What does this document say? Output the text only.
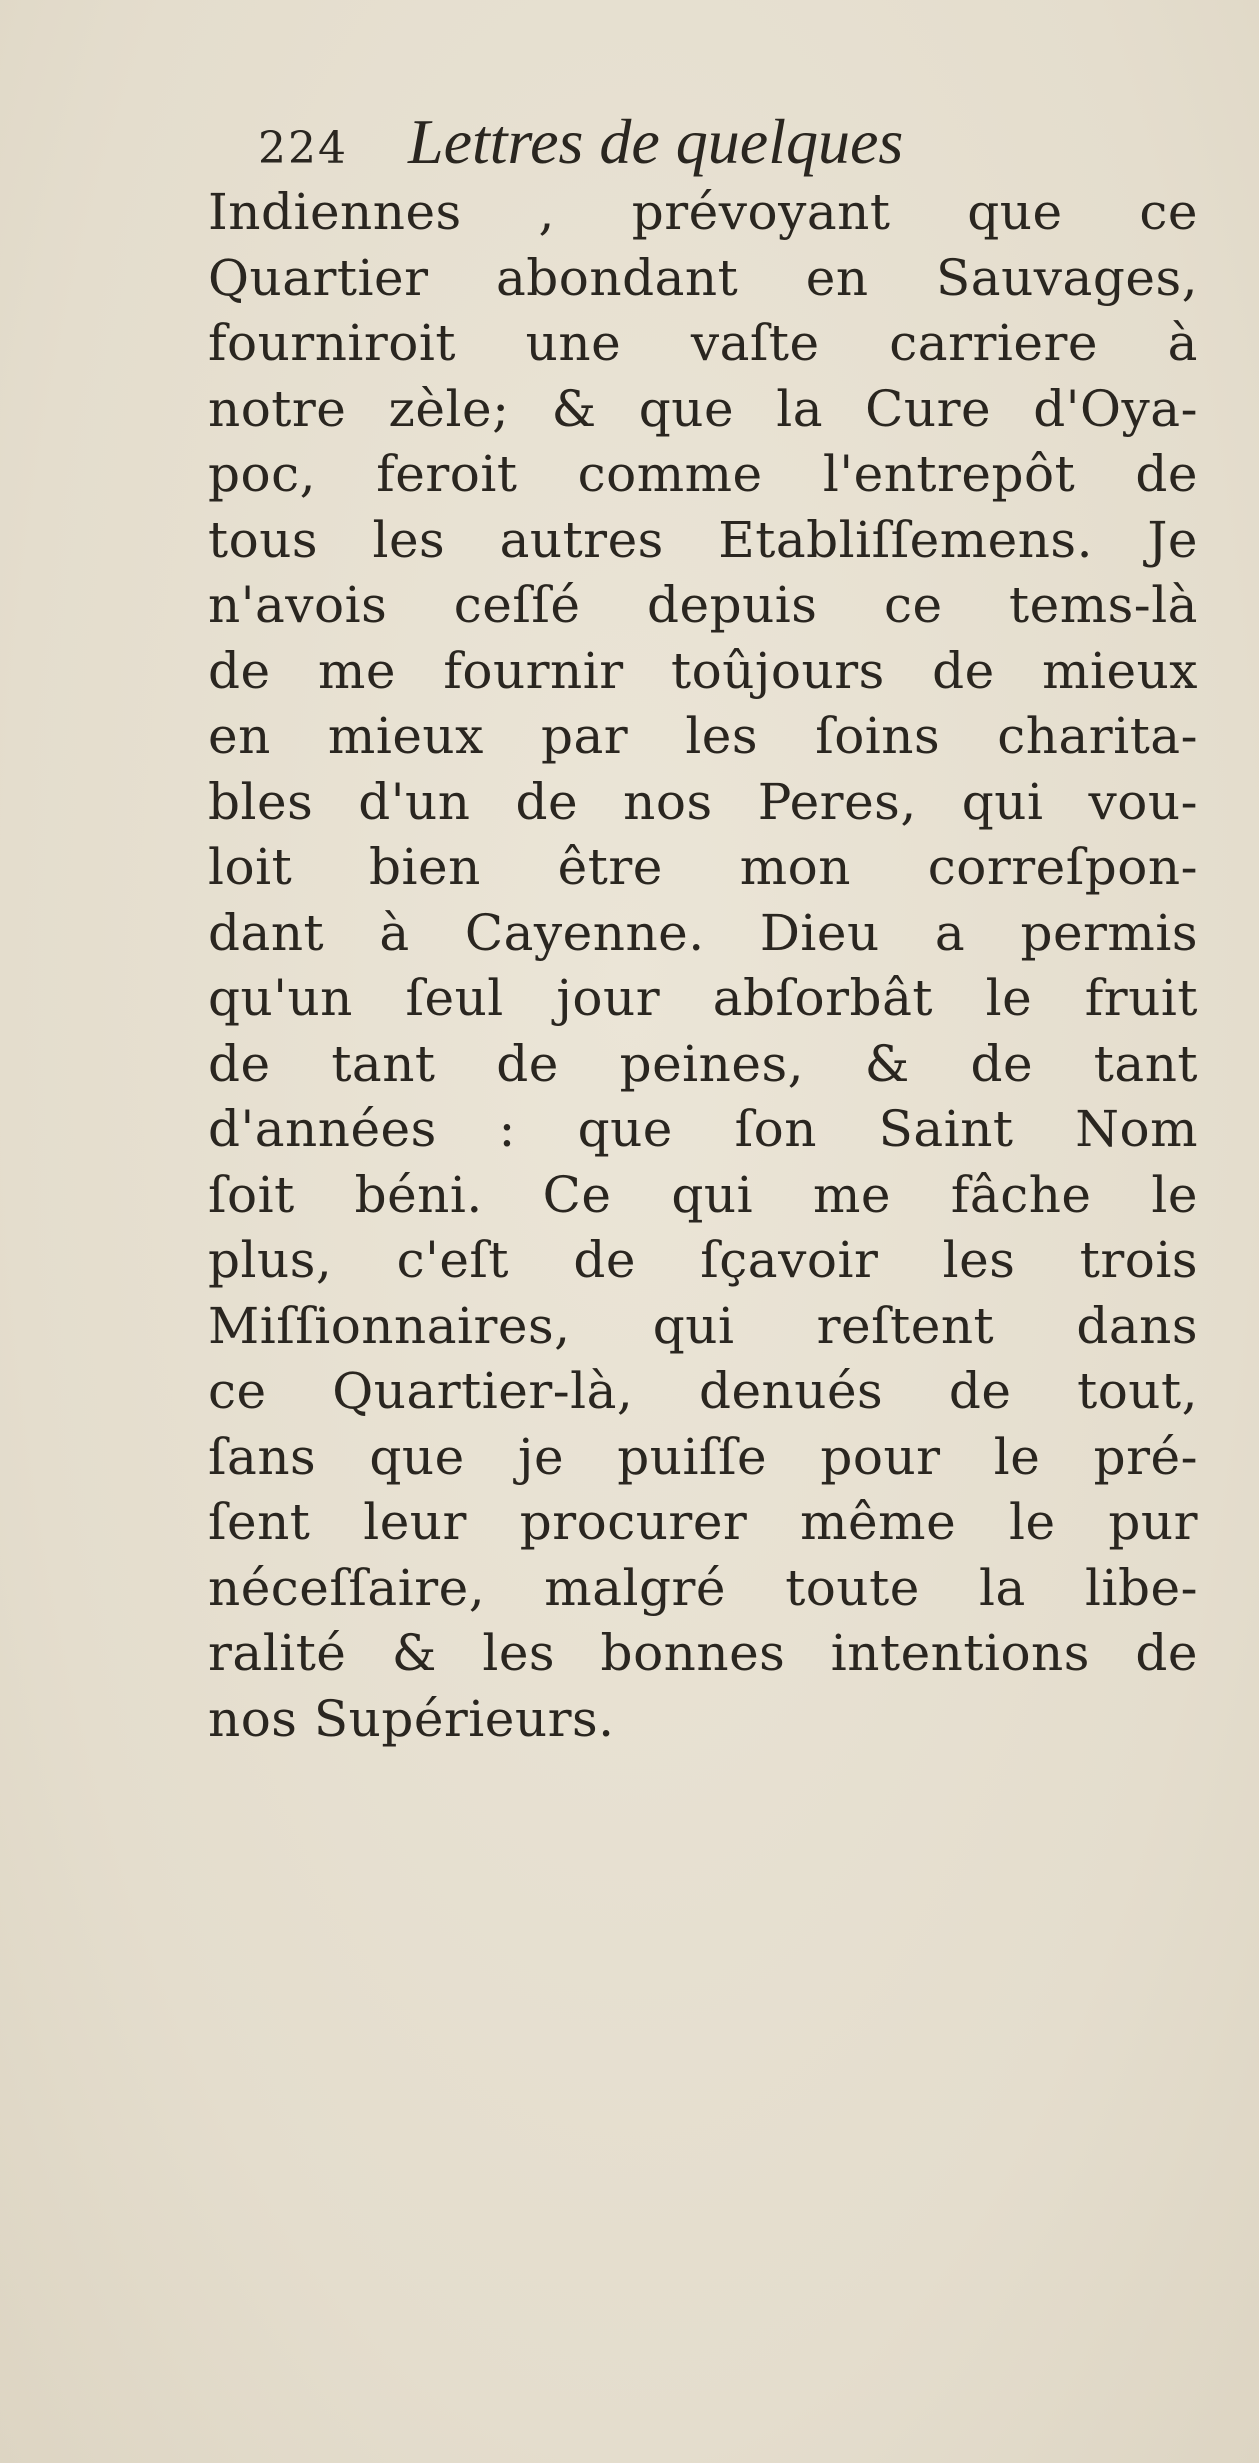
224 Lettres de quelques
Indiennes , prévoyant que ce
Quartier abondant en Sauvages,
fourniroit une vaſte carriere à
notre zèle; & que la Cure d'Oya-
poc, feroit comme l'entrepôt de
tous les autres Etabliſſemens. Je
n'avois ceſſé depuis ce tems-là
de me fournir toûjours de mieux
en mieux par les ſoins charita-
bles d'un de nos Peres, qui vou-
loit bien être mon correſpon-
dant à Cayenne. Dieu a permis
qu'un ſeul jour abſorbât le fruit
de tant de peines, & de tant
d'années : que ſon Saint Nom
ſoit béni. Ce qui me fâche le
plus, c'eſt de ſçavoir les trois
Miſſionnaires, qui reſtent dans
ce Quartier-là, denués de tout,
ſans que je puiſſe pour le pré-
ſent leur procurer même le pur
néceſſaire, malgré toute la libe-
ralité & les bonnes intentions de
nos Supérieurs.
